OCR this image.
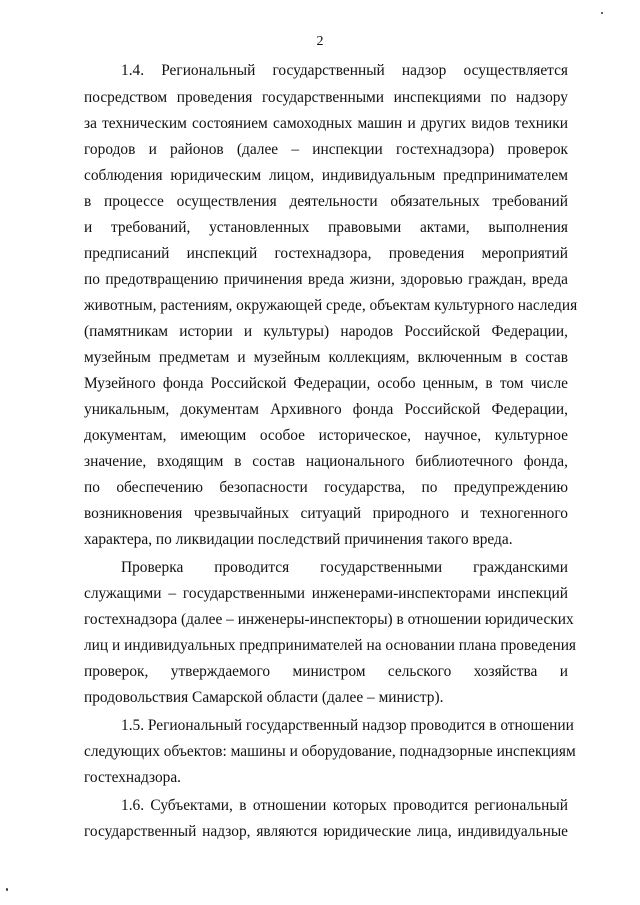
2
1.4. Региональный государственный надзор осуществляется
посредством проведения государственными инспекциями по надзору
за техническим состоянием самоходных машин и других видов техники
городов и районов (далее – инспекции гостехнадзора) проверок
соблюдения юридическим лицом, индивидуальным предпринимателем
в процессе осуществления деятельности обязательных требований
и требований, установленных правовыми актами, выполнения
предписаний инспекций гостехнадзора, проведения мероприятий
по предотвращению причинения вреда жизни, здоровью граждан, вреда
животным, растениям, окружающей среде, объектам культурного наследия
(памятникам истории и культуры) народов Российской Федерации,
музейным предметам и музейным коллекциям, включенным в состав
Музейного фонда Российской Федерации, особо ценным, в том числе
уникальным, документам Архивного фонда Российской Федерации,
документам, имеющим особое историческое, научное, культурное
значение, входящим в состав национального библиотечного фонда,
по обеспечению безопасности государства, по предупреждению
возникновения чрезвычайных ситуаций природного и техногенного
характера, по ликвидации последствий причинения такого вреда.
Проверка проводится государственными гражданскими
служащими – государственными инженерами-инспекторами инспекций
гостехнадзора (далее – инженеры-инспекторы) в отношении юридических
лиц и индивидуальных предпринимателей на основании плана проведения
проверок, утверждаемого министром сельского хозяйства и
продовольствия Самарской области (далее – министр).
1.5. Региональный государственный надзор проводится в отношении
следующих объектов: машины и оборудование, поднадзорные инспекциям
гостехнадзора.
1.6. Субъектами, в отношении которых проводится региональный
государственный надзор, являются юридические лица, индивидуальные
